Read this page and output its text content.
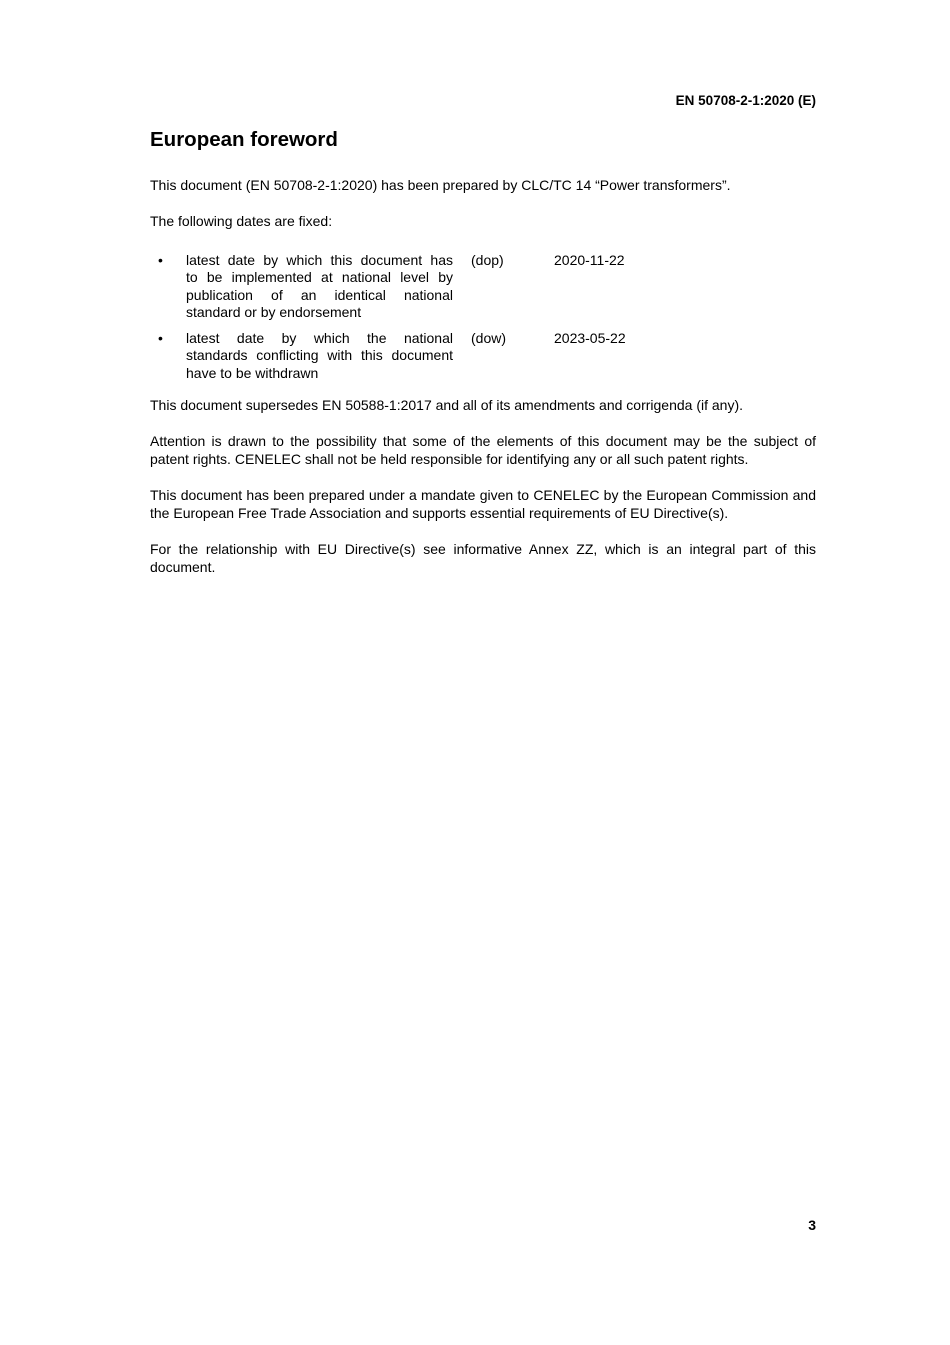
EN 50708-2-1:2020 (E)
European foreword

This document (EN 50708-2-1:2020) has been prepared by CLC/TC 14 “Power transformers”.

The following dates are fixed:

• latest date by which this document has
to be implemented at national level by
publication of an identical national
standard or by endorsement
(dop)	2020-11-22
• latest date by which the national
standards conflicting with this document
have to be withdrawn
(dow)	2023-05-22

This document supersedes EN 50588-1:2017 and all of its amendments and corrigenda (if any).

Attention is drawn to the possibility that some of the elements of this document may be the subject of patent rights. CENELEC shall not be held responsible for identifying any or all such patent rights.

This document has been prepared under a mandate given to CENELEC by the European Commission and the European Free Trade Association and supports essential requirements of EU Directive(s).

For the relationship with EU Directive(s) see informative Annex ZZ, which is an integral part of this document.

3
